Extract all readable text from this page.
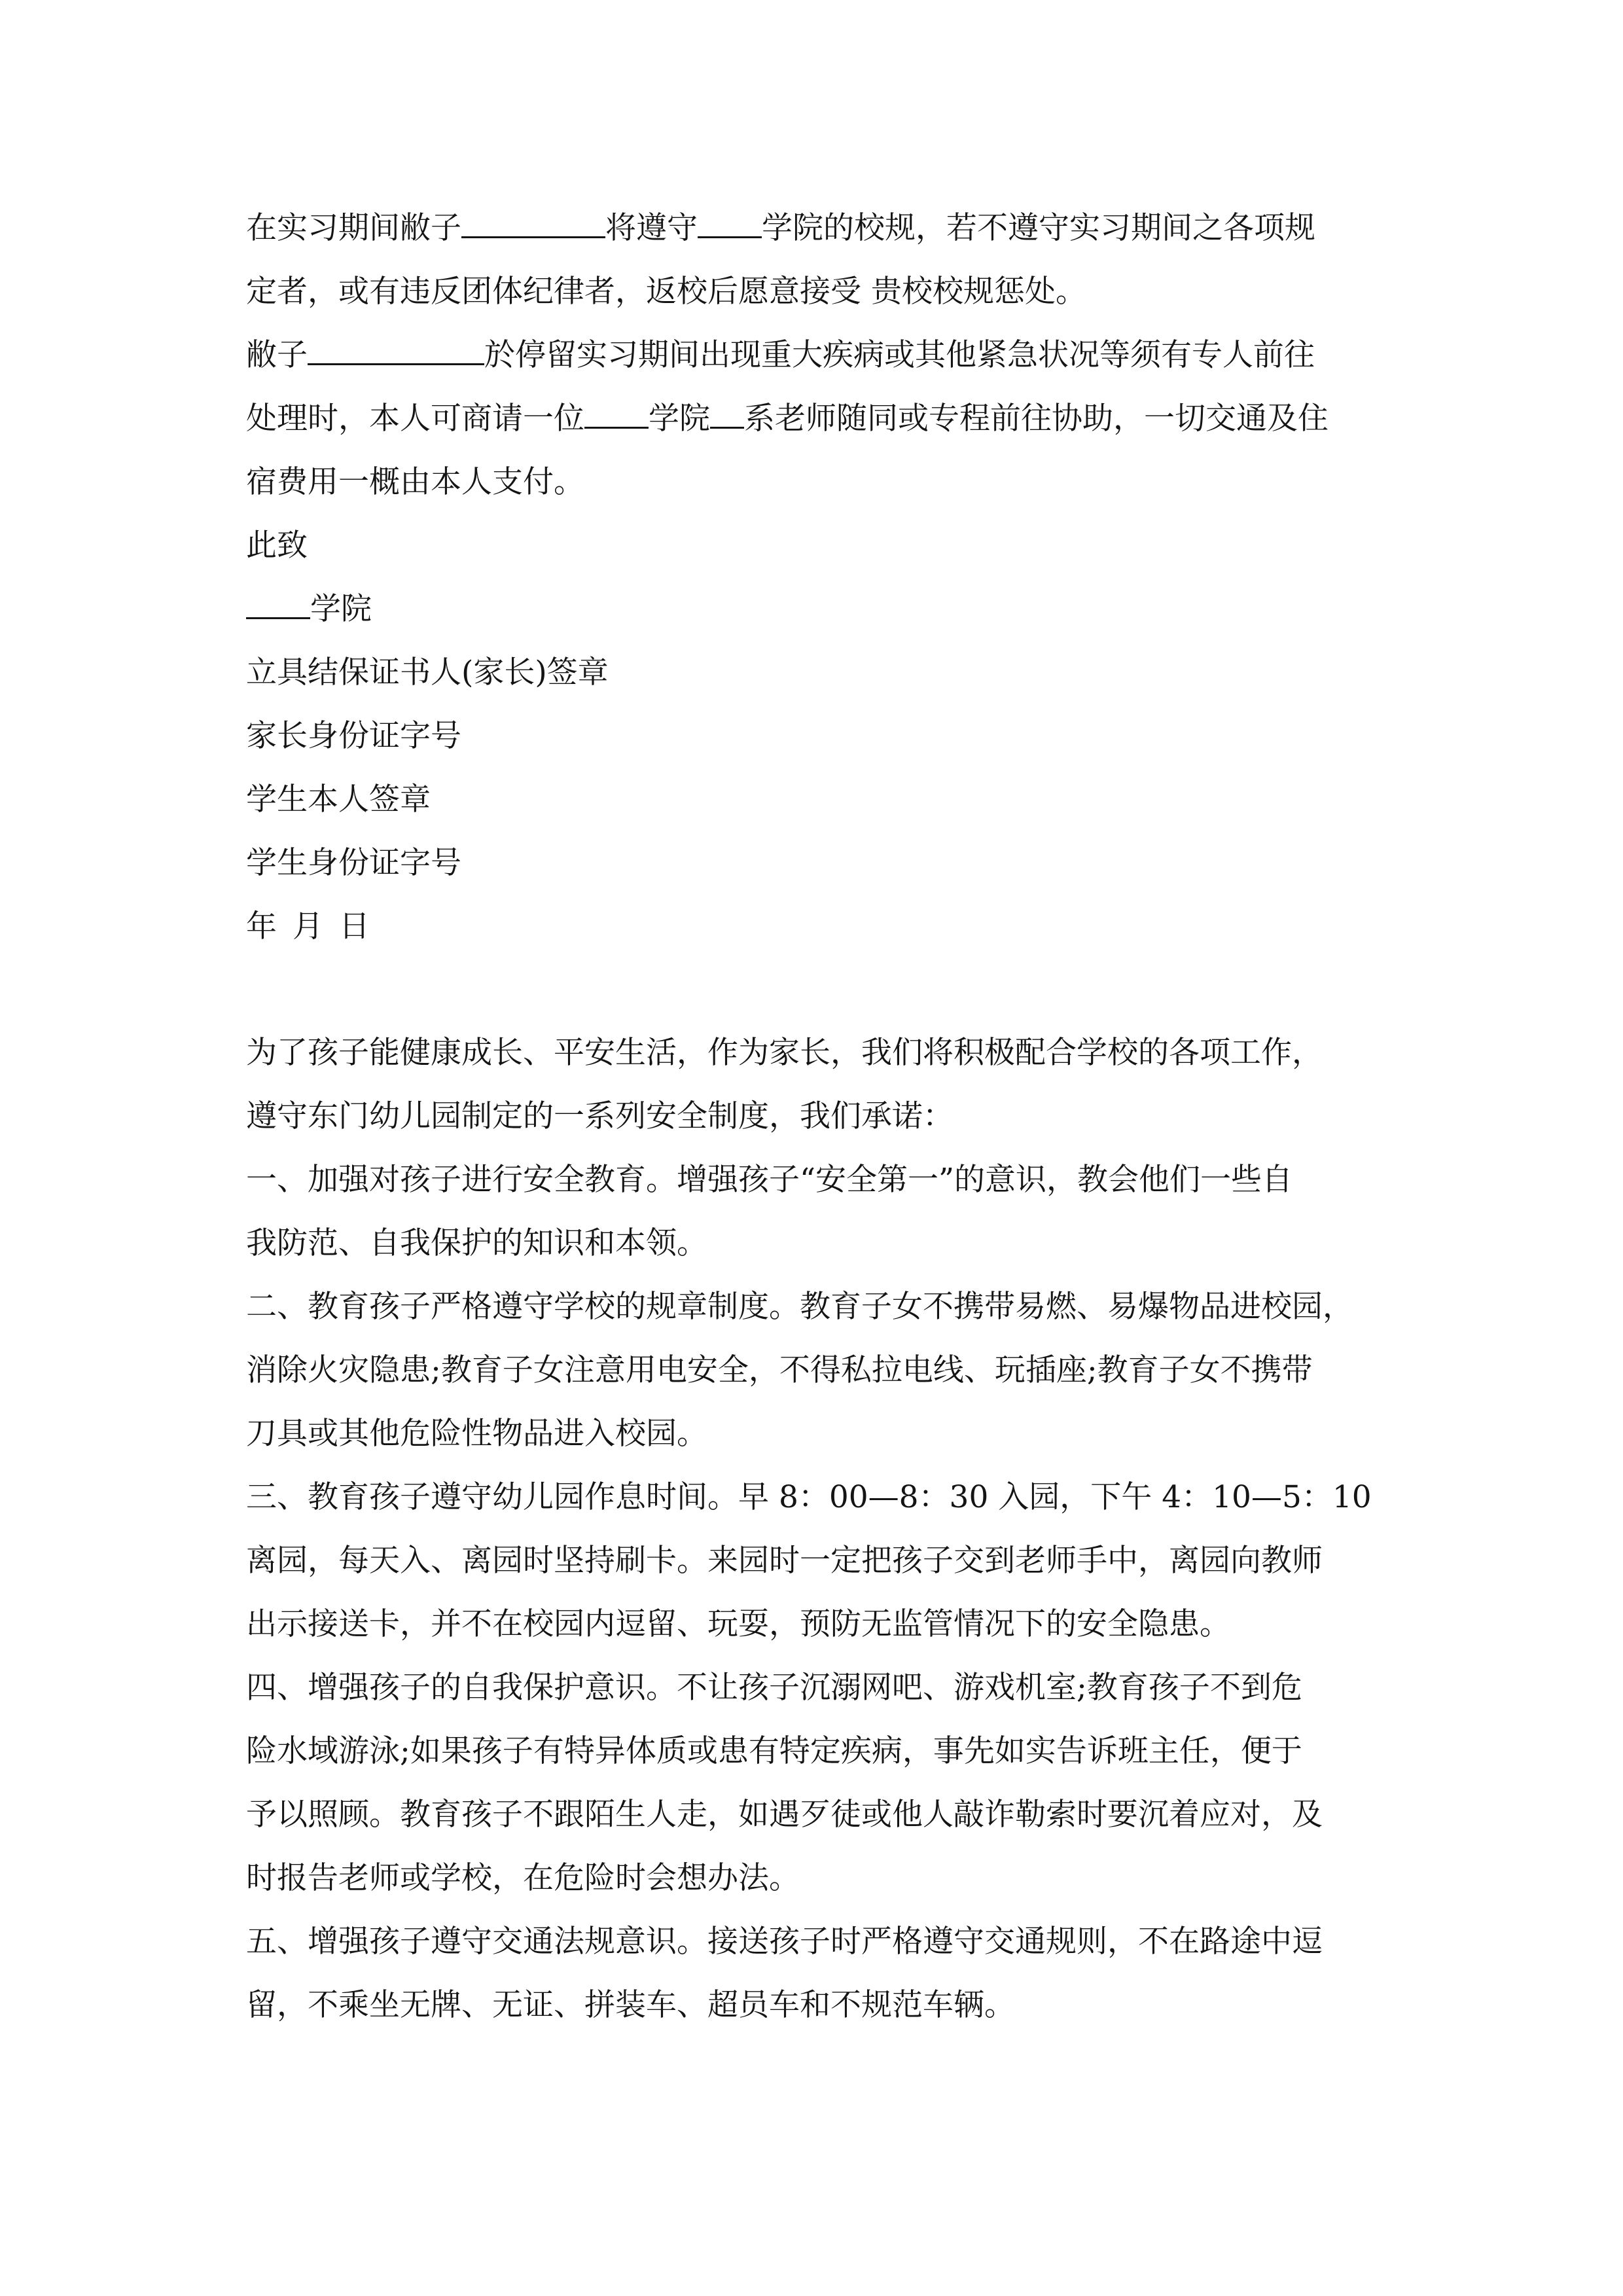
在实习期间敝子	将遵守 学院的校规，若不遵守实习期间之各项规
定者，或有违反团体纪律者，返校后愿意接受 贵校校规惩处。
敝子	於停留实习期间出现重大疾病或其他紧急状况等须有专人前往
处理时，本人可商请一位 学院 系老师随同或专程前往协助，一切交通及住
宿费用一概由本人支付。
此致
学院
立具结保证书人(家长)签章
家长身份证字号
学生本人签章
学生身份证字号
年 月 日
为了孩子能健康成长、平安生活，作为家长，我们将积极配合学校的各项工作，
遵守东门幼儿园制定的一系列安全制度，我们承诺：
一、加强对孩子进行安全教育。增强孩子“安全第一”的意识，教会他们一些自
我防范、自我保护的知识和本领。
二、教育孩子严格遵守学校的规章制度。教育子女不携带易燃、易爆物品进校园，
消除火灾隐患;教育子女注意用电安全，不得私拉电线、玩插座;教育子女不携带
刀具或其他危险性物品进入校园。
三、教育孩子遵守幼儿园作息时间。早 8：00—8：30 入园，下午 4：10—5：10
离园，每天入、离园时坚持刷卡。来园时一定把孩子交到老师手中，离园向教师
出示接送卡，并不在校园内逗留、玩耍，预防无监管情况下的安全隐患。
四、增强孩子的自我保护意识。不让孩子沉溺网吧、游戏机室;教育孩子不到危
险水域游泳;如果孩子有特异体质或患有特定疾病，事先如实告诉班主任，便于
予以照顾。教育孩子不跟陌生人走，如遇歹徒或他人敲诈勒索时要沉着应对，及
时报告老师或学校，在危险时会想办法。
五、增强孩子遵守交通法规意识。接送孩子时严格遵守交通规则，不在路途中逗
留，不乘坐无牌、无证、拼装车、超员车和不规范车辆。
